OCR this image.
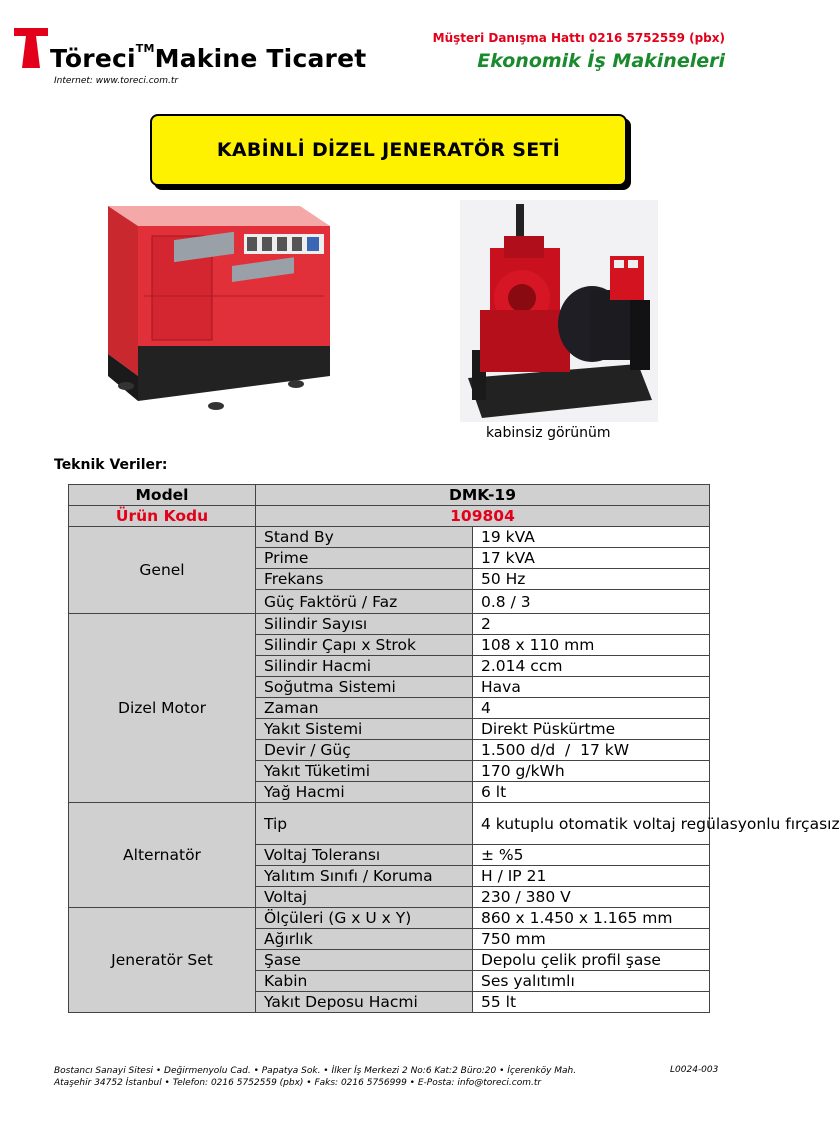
Töreci™Makine Ticaret
Internet: www.toreci.com.tr
Müşteri Danışma Hattı 0216 5752559 (pbx)
Ekonomik İş Makineleri
KABİNLİ DİZEL JENERATÖR SETİ
kabinsiz görünüm
Teknik Veriler:
Model	DMK-19	
Ürün Kodu	109804	
Genel	Stand By	19 kVA
	Prime	17 kVA
	Frekans	50 Hz
	Güç Faktörü / Faz	0.8 / 3
Dizel Motor	Silindir Sayısı	2
	Silindir Çapı x Strok	108 x 110 mm
	Silindir Hacmi	2.014 ccm
	Soğutma Sistemi	Hava
	Zaman	4
	Yakıt Sistemi	Direkt Püskürtme
	Devir / Güç	1.500 d/d  /  17 kW
	Yakıt Tüketimi	170 g/kWh
	Yağ Hacmi	6 lt
Alternatör	Tip	4 kutuplu otomatik voltaj regülasyonlu fırçasız
	Voltaj Toleransı	± %5
	Yalıtım Sınıfı / Koruma	H / IP 21
	Voltaj	230 / 380 V
Jeneratör Set	Ölçüleri (G x U x Y)	860 x 1.450 x 1.165 mm
	Ağırlık	750 mm
	Şase	Depolu çelik profil şase
	Kabin	Ses yalıtımlı
	Yakıt Deposu Hacmi	55 lt
Bostancı Sanayi Sitesi • Değirmenyolu Cad. • Papatya Sok. • İlker İş Merkezi 2 No:6 Kat:2 Büro:20 • İçerenköy Mah.
Ataşehir 34752 İstanbul • Telefon: 0216 5752559 (pbx) • Faks: 0216 5756999 • E-Posta: info@toreci.com.tr
L0024-003
